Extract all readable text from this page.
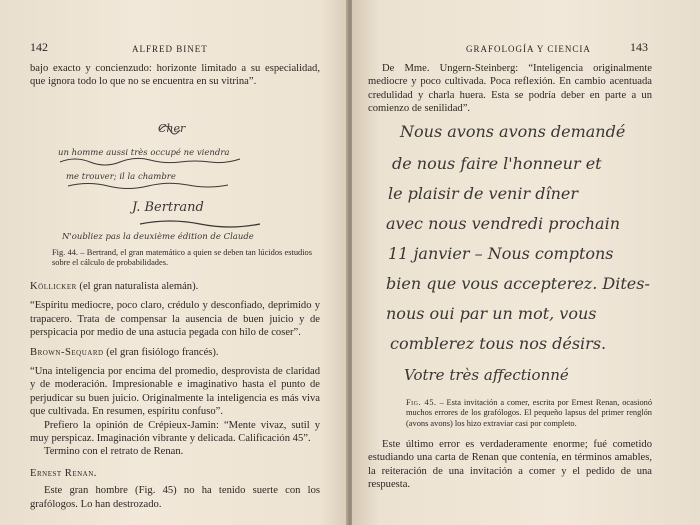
142	ALFRED BINET

bajo exacto y concienzudo: horizonte limitado a su especialidad, que ignora todo lo que no se encuentra en su vitrina”.

Cher
un homme aussi très occupé ne viendra
me trouver; il la chambre
J. Bertrand
N'oubliez pas la deuxième édition de Claude
Fig. 44. – Bertrand, el gran matemático a quien se deben tan lúcidos estudios sobre el cálculo de probabilidades.

Köllicker (el gran naturalista alemán).

“Espíritu mediocre, poco claro, crédulo y desconfiado, deprimido y trapacero. Trata de compensar la ausencia de buen juicio y de perspicacia por medio de una astucia pegada con hilo de coser”.

Brown-Sequard (el gran fisiólogo francés).

“Una inteligencia por encima del promedio, desprovista de claridad y de moderación. Impresionable e imaginativo hasta el punto de perjudicar su buen juicio. Originalmente la inteligencia es más viva que cultivada. En resumen, espíritu confuso”.

Prefiero la opinión de Crépieux-Jamin: “Mente vivaz, sutil y muy perspicaz. Imaginación vibrante y delicada. Calificación 45”.

Termino con el retrato de Renan.

Ernest Renan.

Este gran hombre (Fig. 45) no ha tenido suerte con los grafólogos. Lo han destrozado.

GRAFOLOGÍA Y CIENCIA	143

De Mme. Ungern-Steinberg: “Inteligencia originalmente mediocre y poco cultivada. Poca reflexión. En cambio acentuada credulidad y charla huera. Esta se podría deber en parte a un comienzo de senilidad”.

Nous avons avons demandé
de nous faire l'honneur et
le plaisir de venir dîner
avec nous vendredi prochain
11 janvier – Nous comptons
bien que vous accepterez. Dites-
nous oui par un mot, vous
comblerez tous nos désirs.
Votre très affectionné
Fig. 45. – Esta invitación a comer, escrita por Ernest Renan, ocasionó muchos errores de los grafólogos. El pequeño lapsus del primer renglón (avons avons) los hizo extraviar casi por completo.

Este último error es verdaderamente enorme; fué cometido estudiando una carta de Renan que contenía, en términos amables, la reiteración de una invitación a comer y el pedido de una respuesta.
